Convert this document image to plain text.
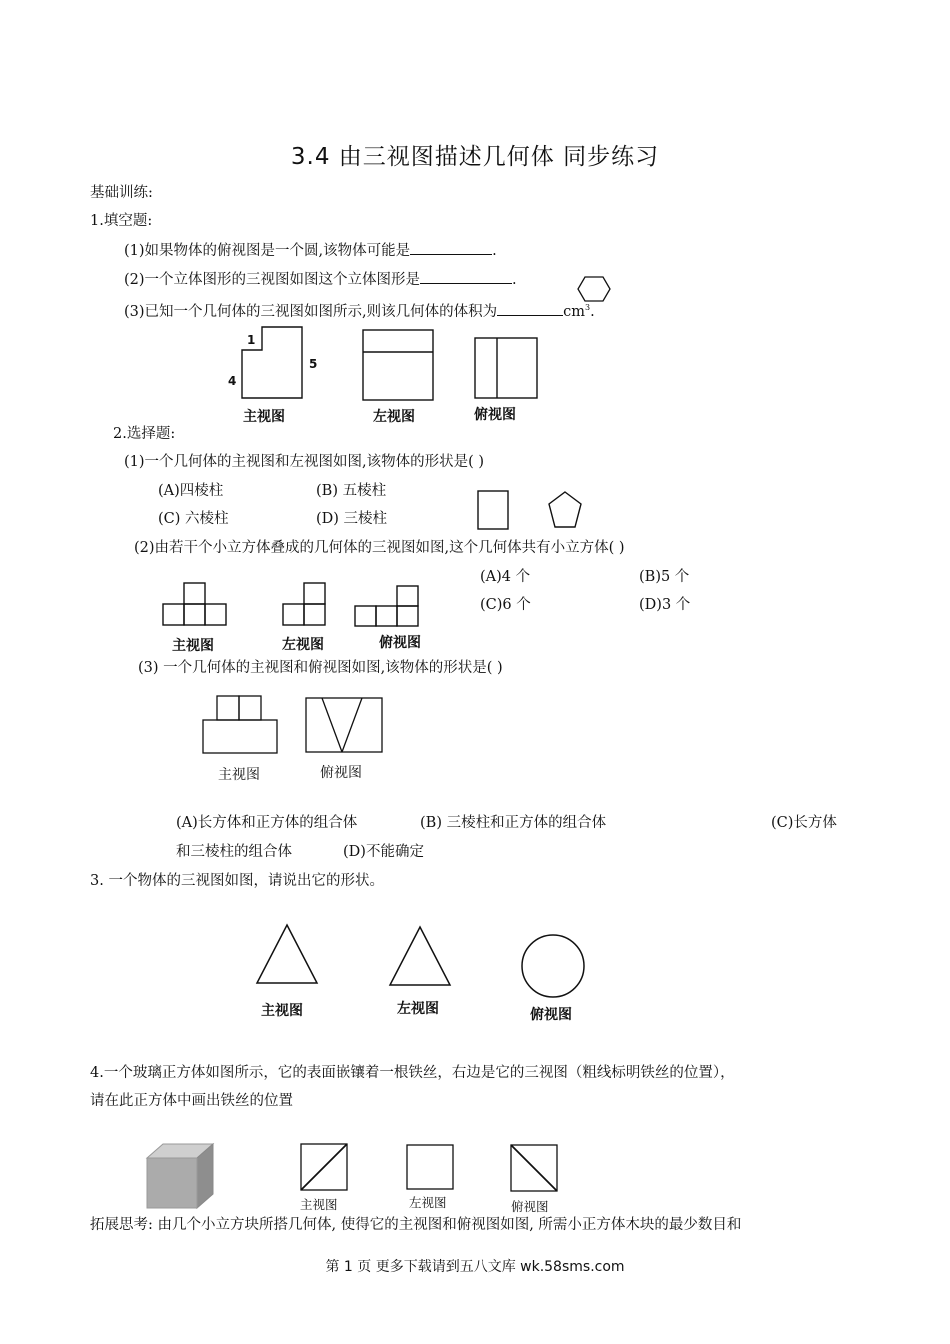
3.4 由三视图描述几何体 同步练习
基础训练:
1.填空题:
(1)如果物体的俯视图是一个圆,该物体可能是	.
(2)一个立体图形的三视图如图这个立体图形是	.
(3)已知一个几何体的三视图如图所示,则该几何体的体积为	$cm^3$.
1
4
5
主视图	左视图	俯视图
2.选择题:
(1)一个几何体的主视图和左视图如图,该物体的形状是( )
(A)四棱柱	(B) 五棱柱
(C) 六棱柱	(D) 三棱柱
(2)由若干个小立方体叠成的几何体的三视图如图,这个几何体共有小立方体( )
(A)4 个	(B)5 个
(C)6 个	(D)3 个
主视图	左视图	俯视图
(3) 一个几何体的主视图和俯视图如图,该物体的形状是( )
主视图	俯视图
(A)长方体和正方体的组合体	(B) 三棱柱和正方体的组合体	(C)长方体
和三棱柱的组合体	(D)不能确定
3. 一个物体的三视图如图，请说出它的形状。
主视图	左视图	俯视图
4.一个玻璃正方体如图所示，它的表面嵌镶着一根铁丝，右边是它的三视图（粗线标明铁丝的位置），
请在此正方体中画出铁丝的位置
主视图	左视图	俯视图
拓展思考: 由几个小立方块所搭几何体, 使得它的主视图和俯视图如图, 所需小正方体木块的最少数目和
第 1 页 更多下载请到五八文库 wk.58sms.com
